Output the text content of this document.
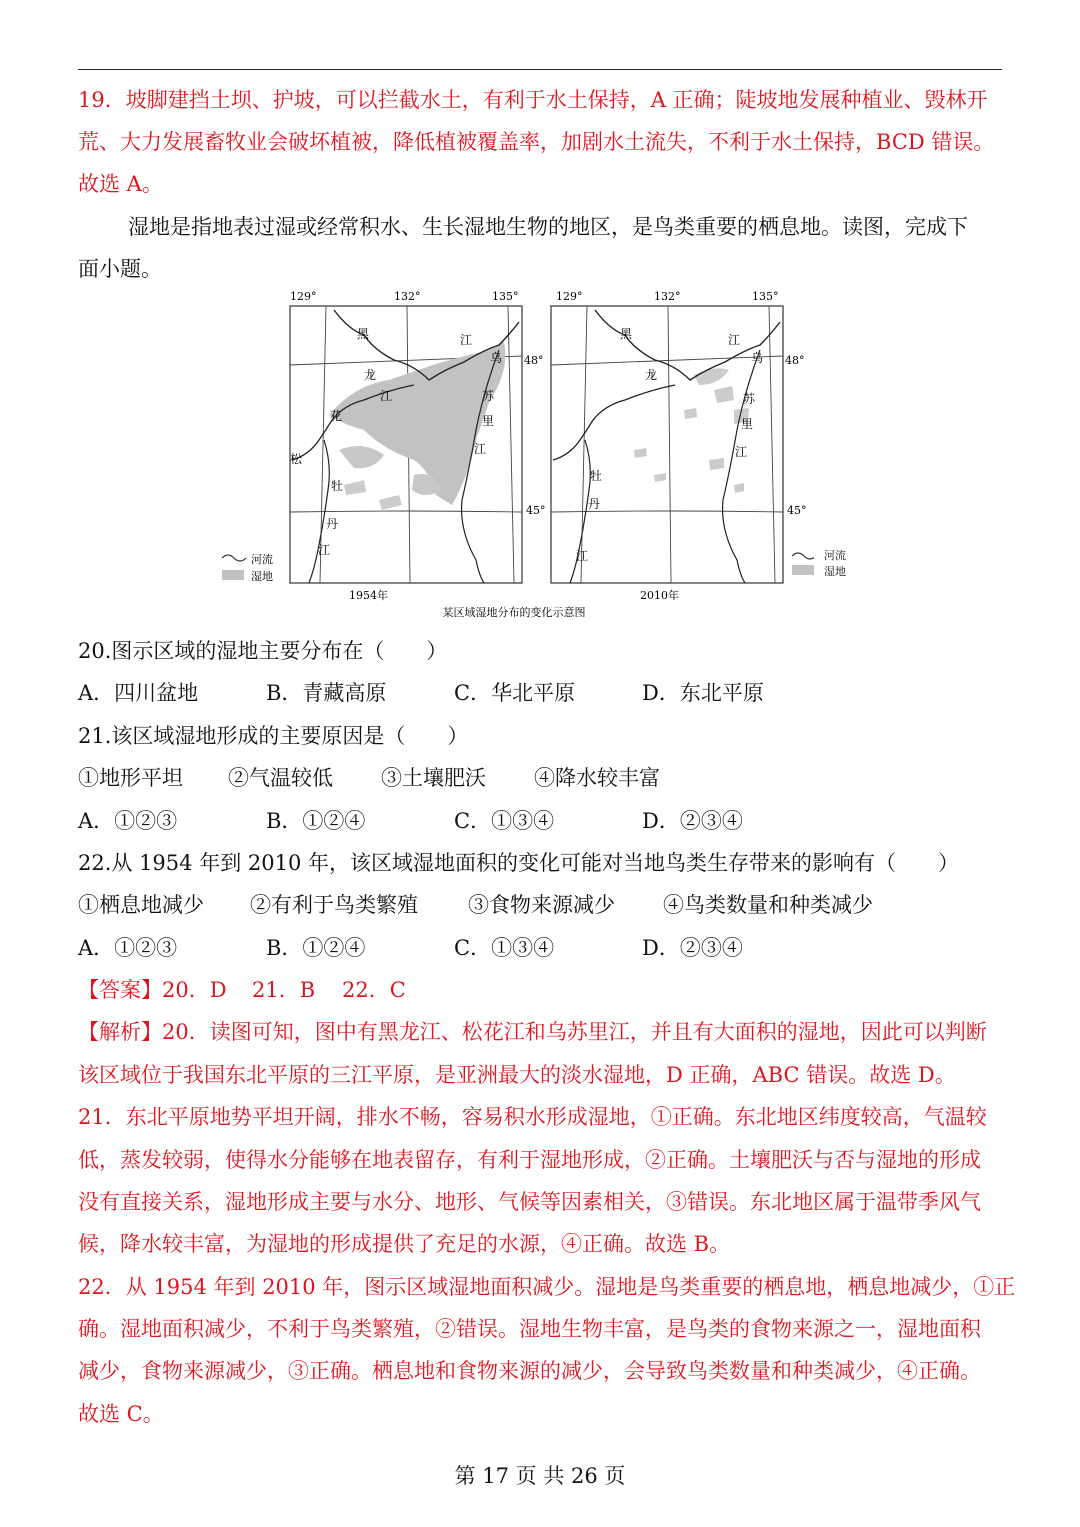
19．坡脚建挡土坝、护坡，可以拦截水土，有利于水土保持，A 正确；陡坡地发展种植业、毁林开
荒、大力发展畜牧业会破坏植被，降低植被覆盖率，加剧水土流失，不利于水土保持，BCD 错误。
故选 A。
湿地是指地表过湿或经常积水、生长湿地生物的地区，是鸟类重要的栖息地。读图，完成下
面小题。
129°	132°	135°
48°
45°
黑
龙
江
江
乌
苏
里
江
花
松
牡
丹
江
1954年
河流
湿地
129°	132°	135°
48°
45°
黑
龙
江
乌
苏
里
江
牡
丹
江
2010年
某区域湿地分布的变化示意图
河流
湿地
20.图示区域的湿地主要分布在（　　）
A．四川盆地	B．青藏高原	C．华北平原	D．东北平原
21.该区域湿地形成的主要原因是（　　）
①地形平坦 ②气温较低 ③土壤肥沃 ④降水较丰富
A．①②③	B．①②④	C．①③④	D．②③④
22.从 1954 年到 2010 年，该区域湿地面积的变化可能对当地鸟类生存带来的影响有（　　）
①栖息地减少 ②有利于鸟类繁殖 ③食物来源减少 ④鸟类数量和种类减少
A．①②③	B．①②④	C．①③④	D．②③④
【答案】20．D 21．B 22．C
【解析】20．读图可知，图中有黑龙江、松花江和乌苏里江，并且有大面积的湿地，因此可以判断
该区域位于我国东北平原的三江平原，是亚洲最大的淡水湿地，D 正确，ABC 错误。故选 D。
21．东北平原地势平坦开阔，排水不畅，容易积水形成湿地，①正确。东北地区纬度较高，气温较
低，蒸发较弱，使得水分能够在地表留存，有利于湿地形成，②正确。土壤肥沃与否与湿地的形成
没有直接关系，湿地形成主要与水分、地形、气候等因素相关，③错误。东北地区属于温带季风气
候，降水较丰富，为湿地的形成提供了充足的水源，④正确。故选 B。
22．从 1954 年到 2010 年，图示区域湿地面积减少。湿地是鸟类重要的栖息地，栖息地减少，①正
确。湿地面积减少，不利于鸟类繁殖，②错误。湿地生物丰富，是鸟类的食物来源之一，湿地面积
减少，食物来源减少，③正确。栖息地和食物来源的减少，会导致鸟类数量和种类减少，④正确。
故选 C。
第 17 页 共 26 页
